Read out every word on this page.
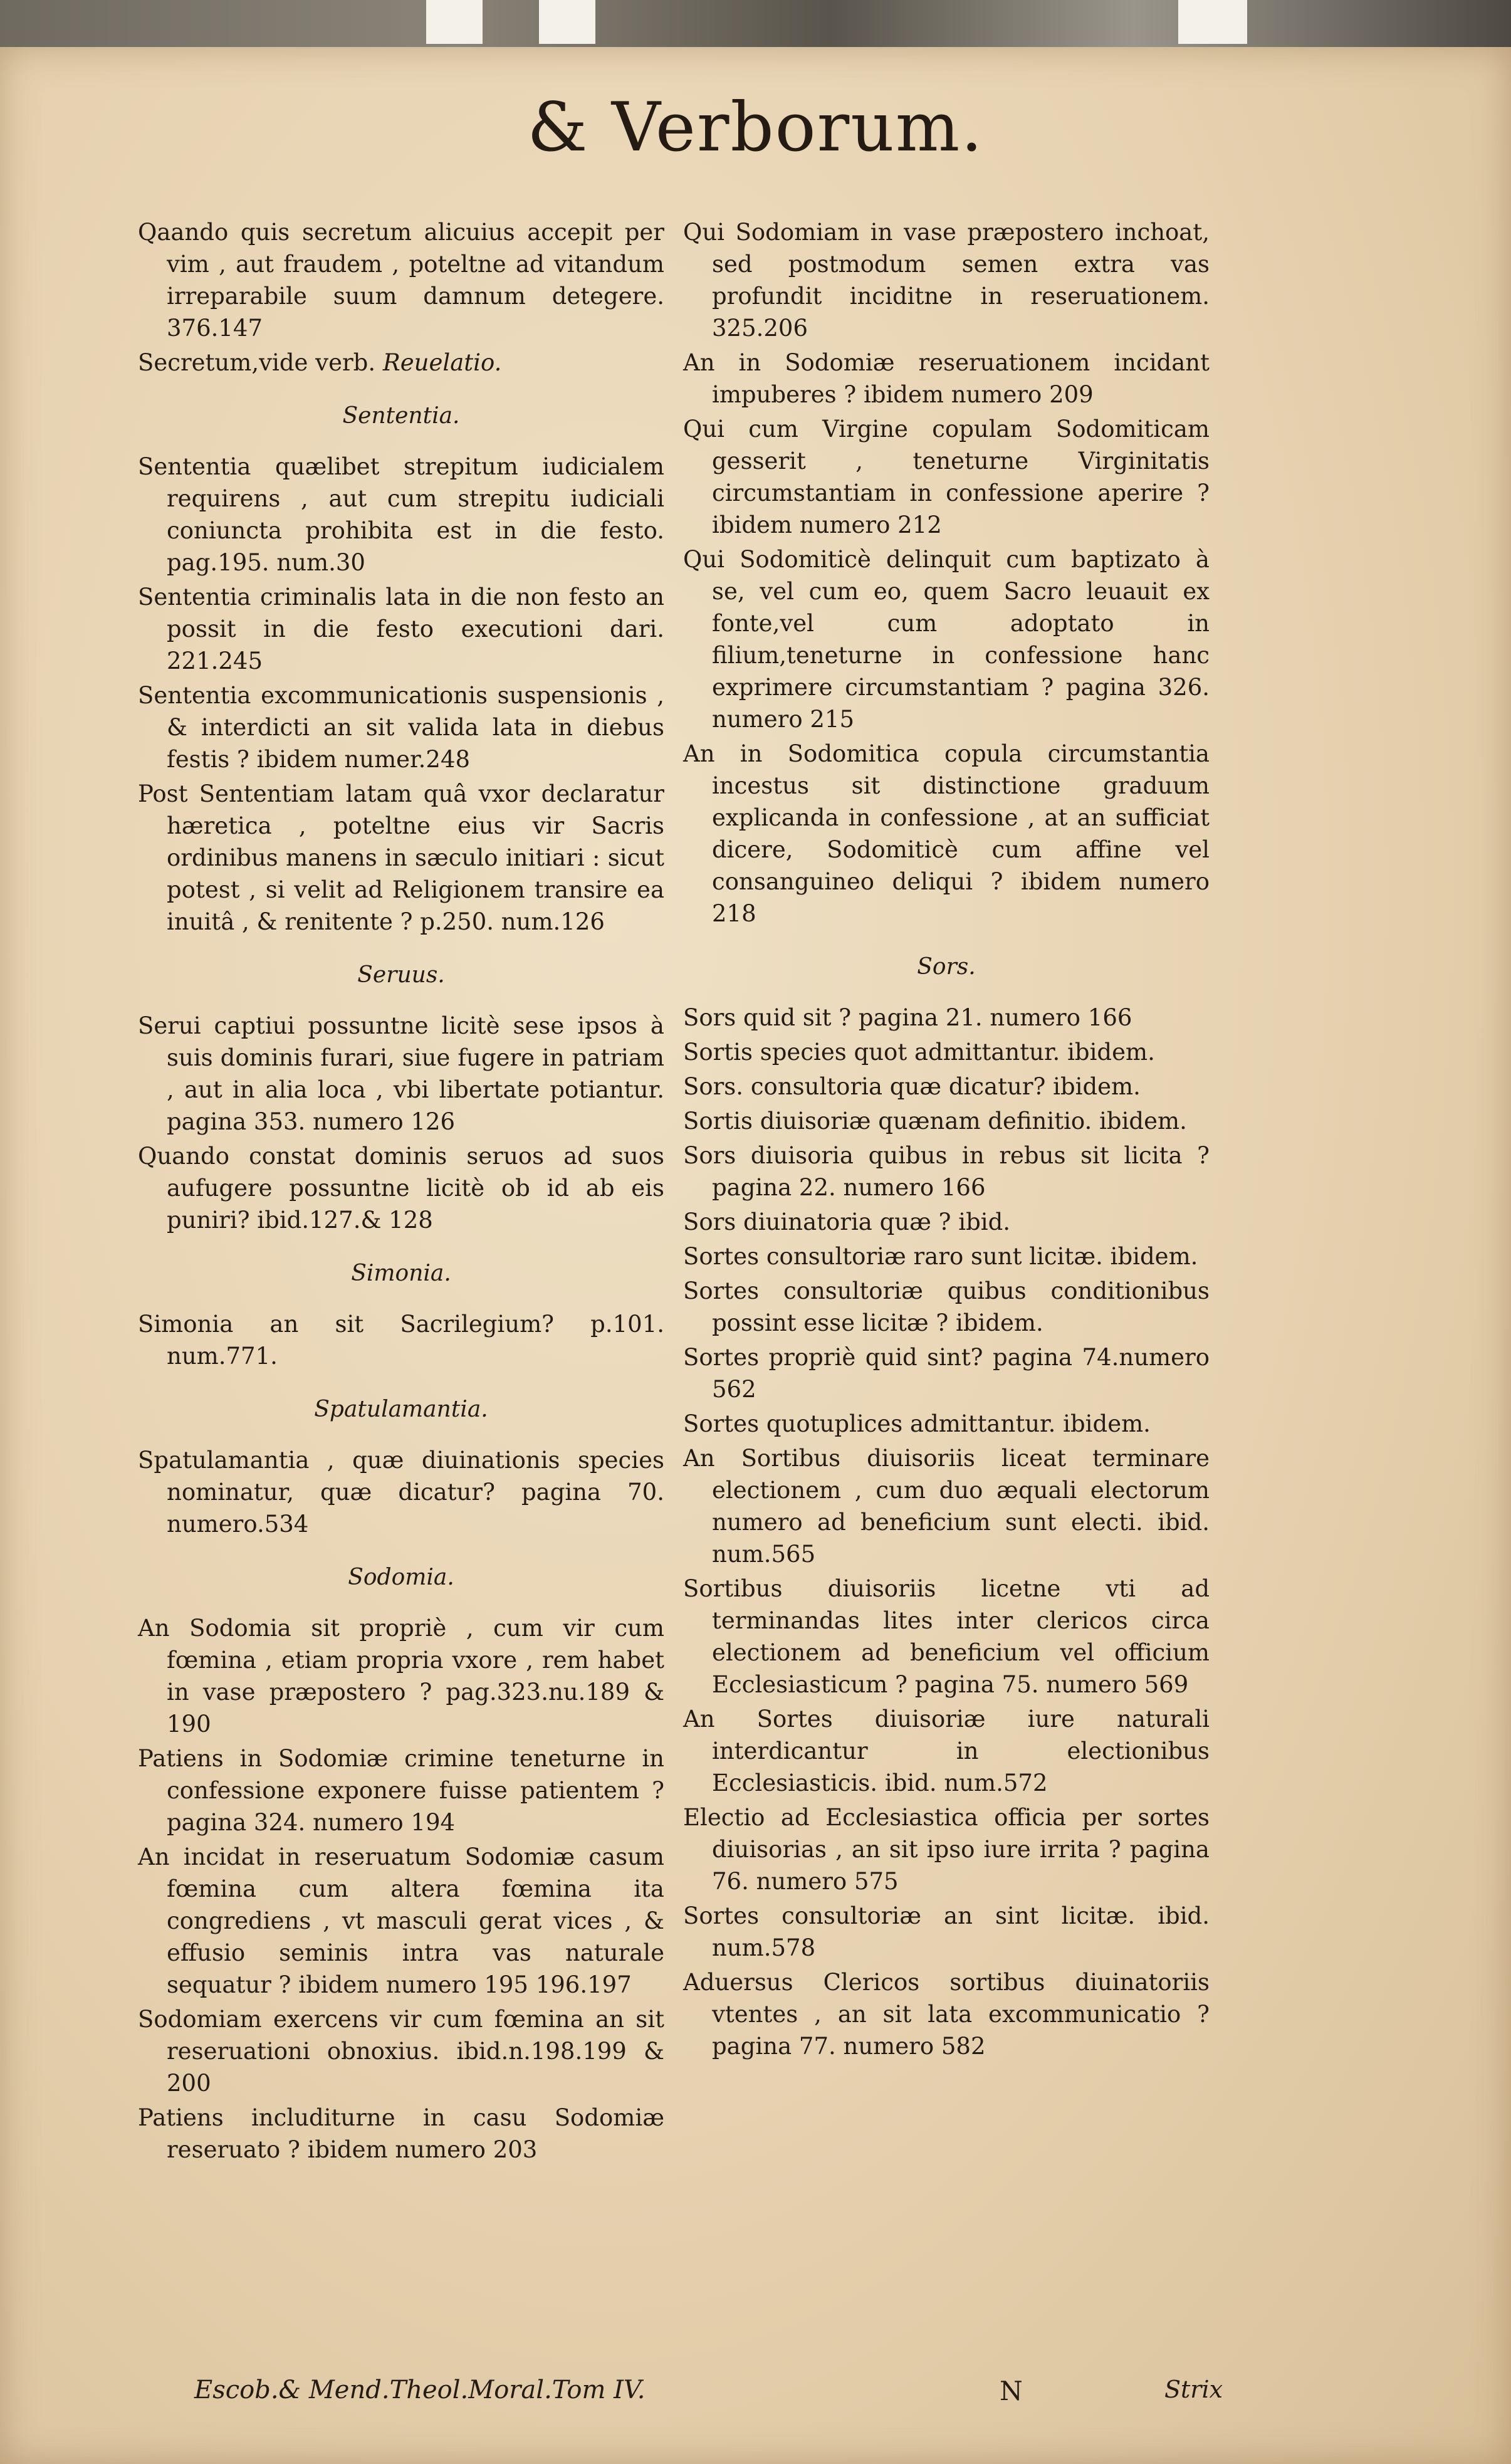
& Verborum.
Qaando quis secretum alicuius accepit per vim , aut fraudem , poteltne ad vitandum irreparabile suum damnum detegere. 376.147
Secretum,vide verb. Reuelatio.
Sententia.
Sententia quælibet strepitum iudicialem requirens , aut cum strepitu iudiciali coniuncta prohibita est in die festo. pag.195. num.30
Sententia criminalis lata in die non festo an possit in die festo executioni dari. 221.245
Sententia excommunicationis suspensionis , & interdicti an sit valida lata in diebus festis ? ibidem numer.248
Post Sententiam latam quâ vxor declaratur hæretica , poteltne eius vir Sacris ordinibus manens in sæculo initiari : sicut potest , si velit ad Religionem transire ea inuitâ , & renitente ? p.250. num.126
Seruus.
Serui captiui possuntne licitè sese ipsos à suis dominis furari, siue fugere in patriam , aut in alia loca , vbi libertate potiantur. pagina 353. numero 126
Quando constat dominis seruos ad suos aufugere possuntne licitè ob id ab eis puniri? ibid.127.& 128
Simonia.
Simonia an sit Sacrilegium? p.101. num.771.
Spatulamantia.
Spatulamantia , quæ diuinationis species nominatur, quæ dicatur? pagina 70. numero.534
Sodomia.
An Sodomia sit propriè , cum vir cum fœmina , etiam propria vxore , rem habet in vase præpostero ? pag.323.nu.189 & 190
Patiens in Sodomiæ crimine teneturne in confessione exponere fuisse patientem ? pagina 324. numero 194
An incidat in reseruatum Sodomiæ casum fœmina cum altera fœmina ita congrediens , vt masculi gerat vices , & effusio seminis intra vas naturale sequatur ? ibidem numero 195 196.197
Sodomiam exercens vir cum fœmina an sit reseruationi obnoxius. ibid.n.198.199 & 200
Patiens includiturne in casu Sodomiæ reseruato ? ibidem numero 203
Qui Sodomiam in vase præpostero inchoat, sed postmodum semen extra vas profundit inciditne in reseruationem. 325.206
An in Sodomiæ reseruationem incidant impuberes ? ibidem numero 209
Qui cum Virgine copulam Sodomiticam gesserit , teneturne Virginitatis circumstantiam in confessione aperire ? ibidem numero 212
Qui Sodomiticè delinquit cum baptizato à se, vel cum eo, quem Sacro leuauit ex fonte,vel cum adoptato in filium,teneturne in confessione hanc exprimere circumstantiam ? pagina 326. numero 215
An in Sodomitica copula circumstantia incestus sit distinctione graduum explicanda in confessione , at an sufficiat dicere, Sodomiticè cum affine vel consanguineo deliqui ? ibidem numero 218
Sors.
Sors quid sit ? pagina 21. numero 166
Sortis species quot admittantur. ibidem.
Sors. consultoria quæ dicatur? ibidem.
Sortis diuisoriæ quænam definitio. ibidem.
Sors diuisoria quibus in rebus sit licita ? pagina 22. numero 166
Sors diuinatoria quæ ? ibid.
Sortes consultoriæ raro sunt licitæ. ibidem.
Sortes consultoriæ quibus conditionibus possint esse licitæ ? ibidem.
Sortes propriè quid sint? pagina 74.numero 562
Sortes quotuplices admittantur. ibidem.
An Sortibus diuisoriis liceat terminare electionem , cum duo æquali electorum numero ad beneficium sunt electi. ibid. num.565
Sortibus diuisoriis licetne vti ad terminandas lites inter clericos circa electionem ad beneficium vel officium Ecclesiasticum ? pagina 75. numero 569
An Sortes diuisoriæ iure naturali interdicantur in electionibus Ecclesiasticis. ibid. num.572
Electio ad Ecclesiastica officia per sortes diuisorias , an sit ipso iure irrita ? pagina 76. numero 575
Sortes consultoriæ an sint licitæ. ibid. num.578
Aduersus Clericos sortibus diuinatoriis vtentes , an sit lata excommunicatio ? pagina 77. numero 582
Escob.& Mend.Theol.Moral.Tom IV.	N	Strix
